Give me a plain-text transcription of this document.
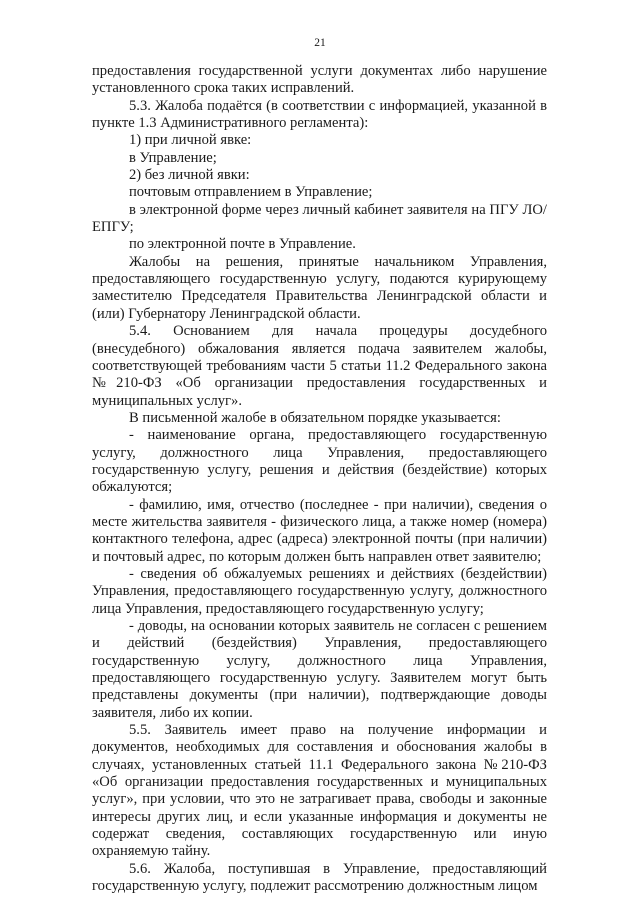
21

предоставления государственной услуги документах либо нарушение установленного срока таких исправлений.

5.3. Жалоба подаётся (в соответствии с информацией, указанной в пункте 1.3 Административного регламента):

1) при личной явке:

в Управление;

2) без личной явки:

почтовым отправлением в Управление;

в электронной форме через личный кабинет заявителя на ПГУ ЛО/ ЕПГУ;

по электронной почте в Управление.

Жалобы на решения, принятые начальником Управления, предоставляющего государственную услугу, подаются курирующему заместителю Председателя Правительства Ленинградской области и (или) Губернатору Ленинградской области.

5.4. Основанием для начала процедуры досудебного (внесудебного) обжалования является подача заявителем жалобы, соответствующей требованиям части 5 статьи 11.2 Федерального закона №210-ФЗ «Об организации предоставления государственных и муниципальных услуг».

В письменной жалобе в обязательном порядке указывается:

- наименование органа, предоставляющего государственную услугу, должностного лица Управления, предоставляющего государственную услугу, решения и действия (бездействие) которых обжалуются;

- фамилию, имя, отчество (последнее - при наличии), сведения о месте жительства заявителя - физического лица, а также номер (номера) контактного телефона, адрес (адреса) электронной почты (при наличии) и почтовый адрес, по которым должен быть направлен ответ заявителю;

- сведения об обжалуемых решениях и действиях (бездействии) Управления, предоставляющего государственную услугу, должностного лица Управления, предоставляющего государственную услугу;

- доводы, на основании которых заявитель не согласен с решением и действий (бездействия) Управления, предоставляющего государственную услугу, должностного лица Управления, предоставляющего государственную услугу. Заявителем могут быть представлены документы (при наличии), подтверждающие доводы заявителя, либо их копии.

5.5. Заявитель имеет право на получение информации и документов, необходимых для составления и обоснования жалобы в случаях, установленных статьей 11.1 Федерального закона №210-ФЗ «Об организации предоставления государственных и муниципальных услуг», при условии, что это не затрагивает права, свободы и законные интересы других лиц, и если указанные информация и документы не содержат сведения, составляющих государственную или иную охраняемую тайну.

5.6. Жалоба, поступившая в Управление, предоставляющий государственную услугу, подлежит рассмотрению должностным лицом
